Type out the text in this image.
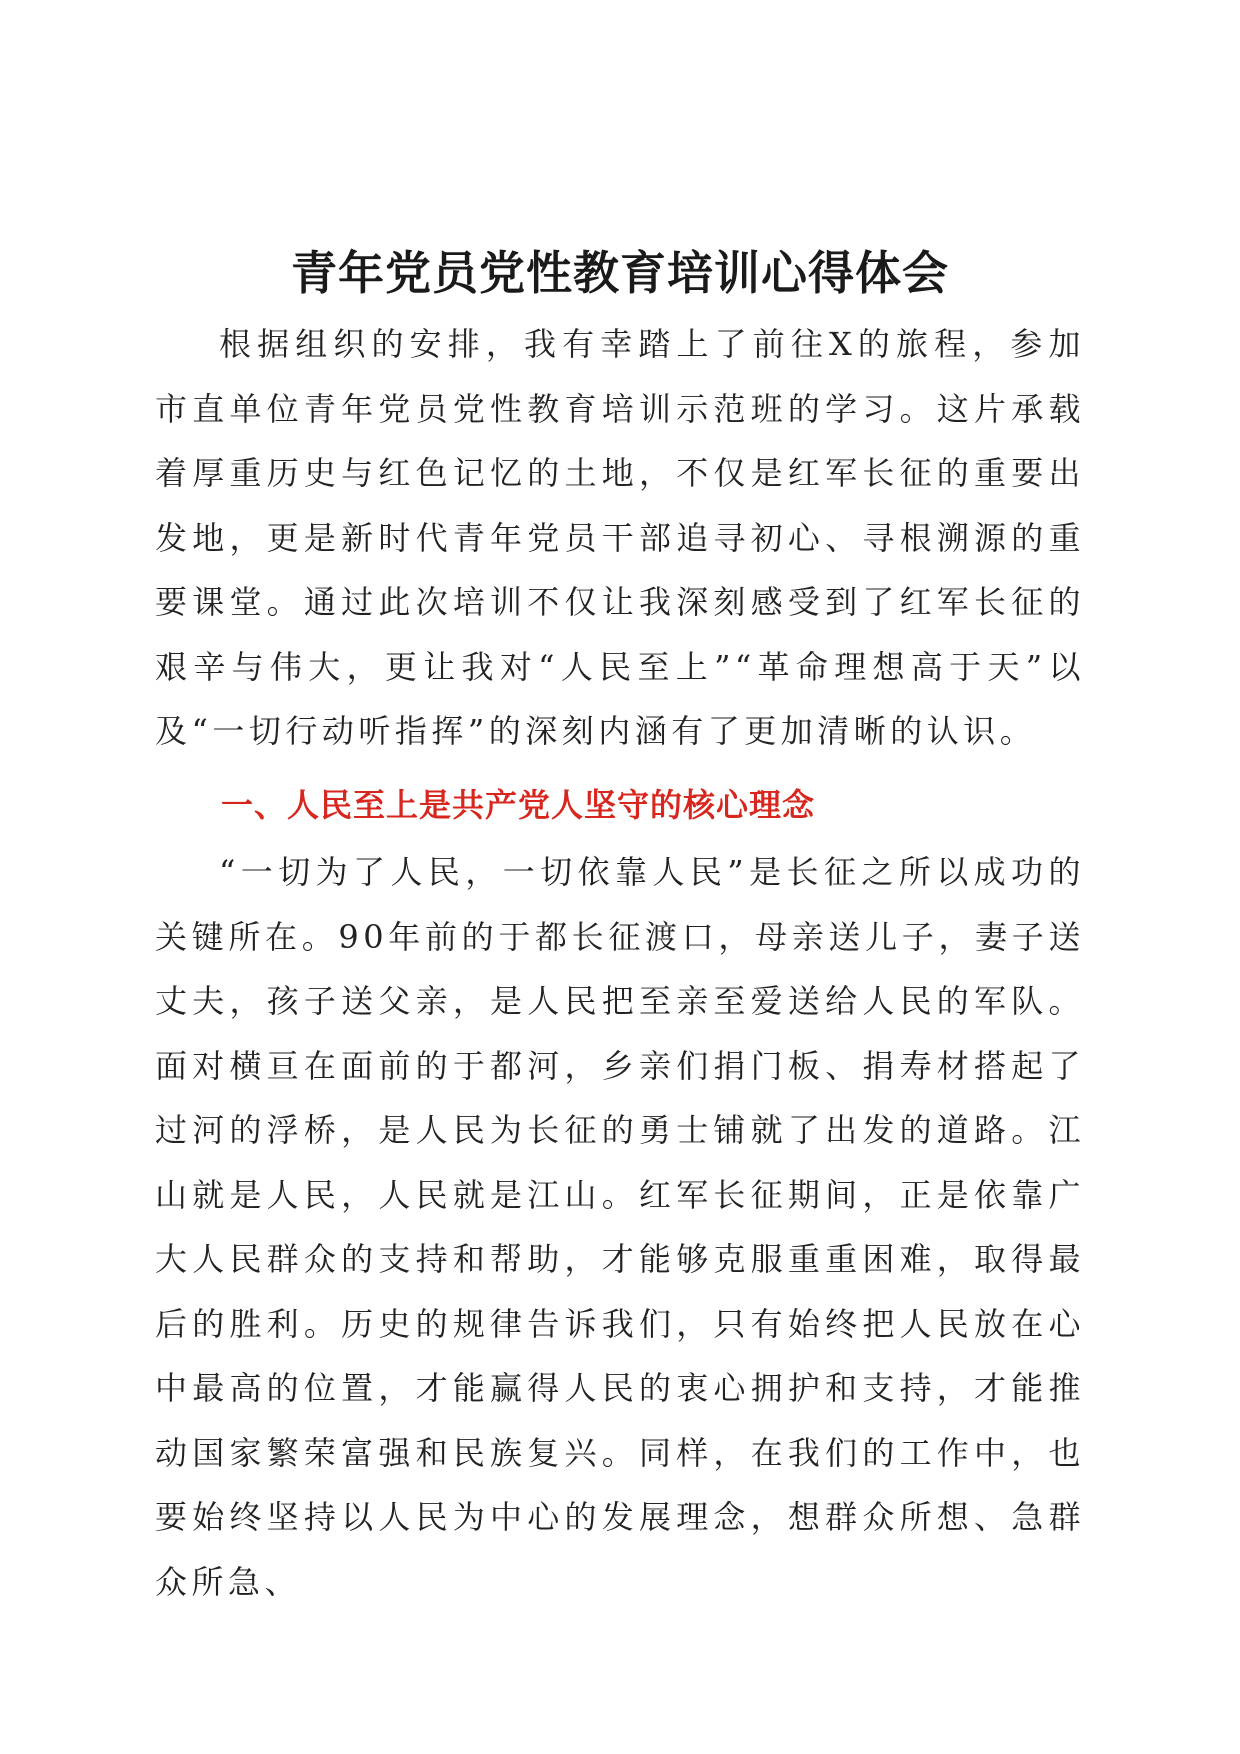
青年党员党性教育培训心得体会

根据组织的安排，我有幸踏上了前往X的旅程，参加市直单位青年党员党性教育培训示范班的学习。这片承载着厚重历史与红色记忆的土地，不仅是红军长征的重要出发地，更是新时代青年党员干部追寻初心、寻根溯源的重要课堂。通过此次培训不仅让我深刻感受到了红军长征的艰辛与伟大，更让我对“人民至上”“革命理想高于天”以及“一切行动听指挥”的深刻内涵有了更加清晰的认识。

一、人民至上是共产党人坚守的核心理念

“一切为了人民，一切依靠人民”是长征之所以成功的关键所在。90年前的于都长征渡口，母亲送儿子，妻子送丈夫，孩子送父亲，是人民把至亲至爱送给人民的军队。面对横亘在面前的于都河，乡亲们捐门板、捐寿材搭起了过河的浮桥，是人民为长征的勇士铺就了出发的道路。江山就是人民，人民就是江山。红军长征期间，正是依靠广大人民群众的支持和帮助，才能够克服重重困难，取得最后的胜利。历史的规律告诉我们，只有始终把人民放在心中最高的位置，才能赢得人民的衷心拥护和支持，才能推动国家繁荣富强和民族复兴。同样，在我们的工作中，也要始终坚持以人民为中心的发展理念，想群众所想、急群众所急、
